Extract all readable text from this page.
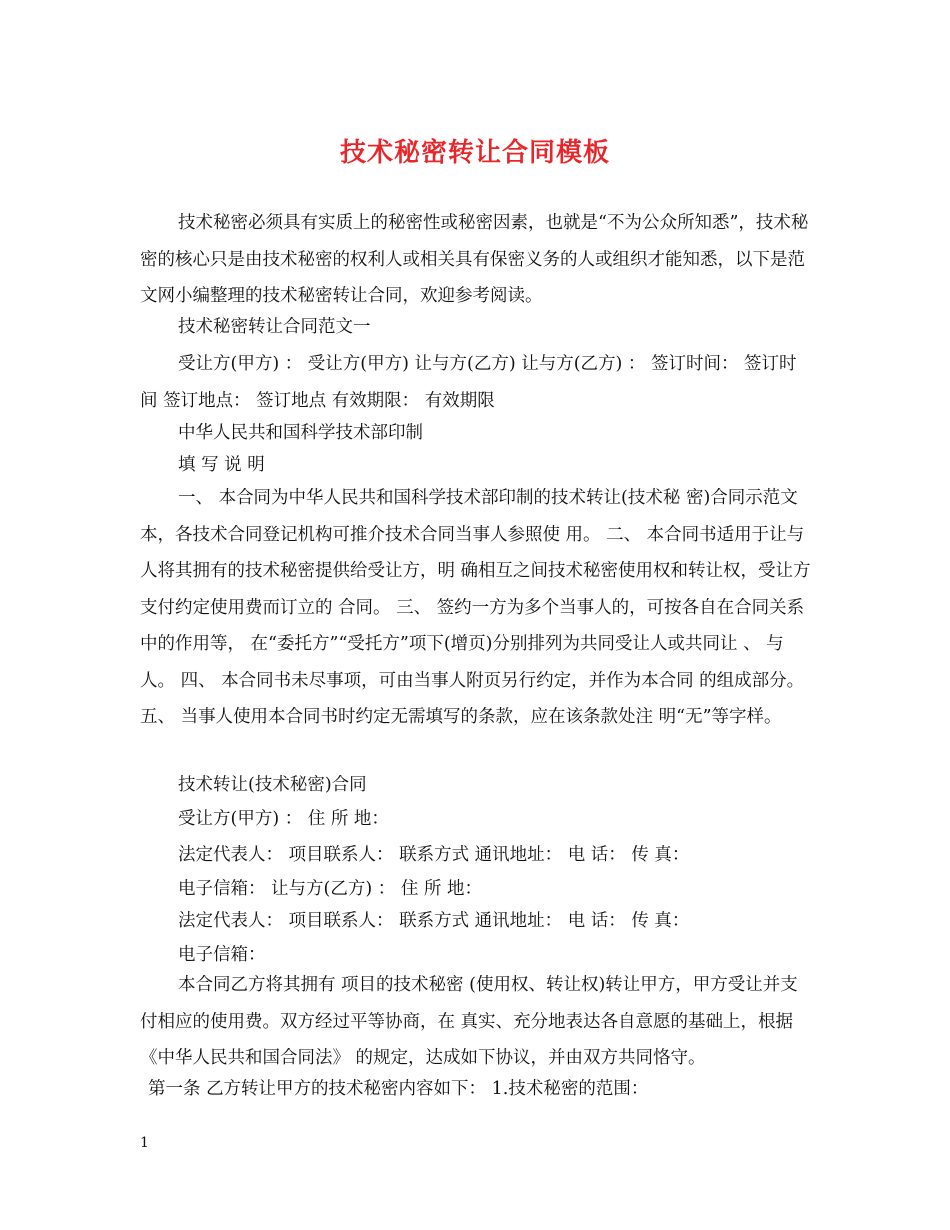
技术秘密转让合同模板
技术秘密必须具有实质上的秘密性或秘密因素，也就是“不为公众所知悉”，技术秘密的核心只是由技术秘密的权利人或相关具有保密义务的人或组织才能知悉，以下是范文网小编整理的技术秘密转让合同，欢迎参考阅读。
技术秘密转让合同范文一
受让方(甲方) ： 受让方(甲方) 让与方(乙方) 让与方(乙方) ： 签订时间： 签订时间 签订地点： 签订地点 有效期限： 有效期限
中华人民共和国科学技术部印制
填 写 说 明
一、 本合同为中华人民共和国科学技术部印制的技术转让(技术秘 密)合同示范文本，各技术合同登记机构可推介技术合同当事人参照使 用。 二、 本合同书适用于让与人将其拥有的技术秘密提供给受让方，明 确相互之间技术秘密使用权和转让权，受让方支付约定使用费而订立的 合同。 三、 签约一方为多个当事人的，可按各自在合同关系中的作用等， 在“委托方”“受托方”项下(增页)分别排列为共同受让人或共同让 、 与人。 四、 本合同书未尽事项，可由当事人附页另行约定，并作为本合同 的组成部分。 五、 当事人使用本合同书时约定无需填写的条款，应在该条款处注 明“无”等字样。
技术转让(技术秘密)合同
受让方(甲方) ： 住 所 地：
法定代表人： 项目联系人： 联系方式 通讯地址： 电 话： 传 真：
电子信箱： 让与方(乙方) ： 住 所 地：
法定代表人： 项目联系人： 联系方式 通讯地址： 电 话： 传 真：
电子信箱：
本合同乙方将其拥有 项目的技术秘密 (使用权、转让权)转让甲方，甲方受让并支付相应的使用费。双方经过平等协商，在 真实、充分地表达各自意愿的基础上，根据《中华人民共和国合同法》 的规定，达成如下协议，并由双方共同恪守。
第一条 乙方转让甲方的技术秘密内容如下： 1.技术秘密的范围：
1
